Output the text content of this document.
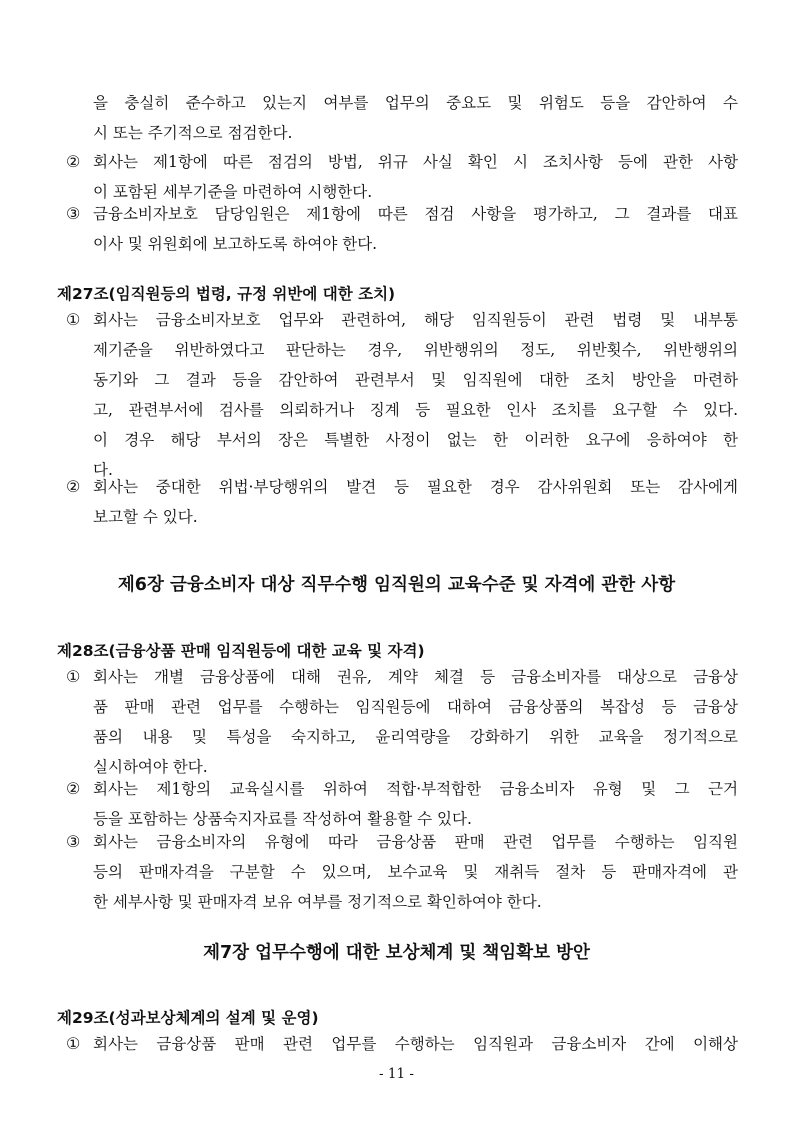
을 충실히 준수하고 있는지 여부를 업무의 중요도 및 위험도 등을 감안하여 수
시 또는 주기적으로 점검한다.
② 회사는 제1항에 따른 점검의 방법, 위규 사실 확인 시 조치사항 등에 관한 사항
이 포함된 세부기준을 마련하여 시행한다.
③ 금융소비자보호 담당임원은 제1항에 따른 점검 사항을 평가하고, 그 결과를 대표
이사 및 위원회에 보고하도록 하여야 한다.
제27조(임직원등의 법령, 규정 위반에 대한 조치)
① 회사는 금융소비자보호 업무와 관련하여, 해당 임직원등이 관련 법령 및 내부통
제기준을 위반하였다고 판단하는 경우, 위반행위의 정도, 위반횟수, 위반행위의
동기와 그 결과 등을 감안하여 관련부서 및 임직원에 대한 조치 방안을 마련하
고, 관련부서에 검사를 의뢰하거나 징계 등 필요한 인사 조치를 요구할 수 있다.
이 경우 해당 부서의 장은 특별한 사정이 없는 한 이러한 요구에 응하여야 한
다.
② 회사는 중대한 위법·부당행위의 발견 등 필요한 경우 감사위원회 또는 감사에게
보고할 수 있다.
제6장 금융소비자 대상 직무수행 임직원의 교육수준 및 자격에 관한 사항
제28조(금융상품 판매 임직원등에 대한 교육 및 자격)
① 회사는 개별 금융상품에 대해 권유, 계약 체결 등 금융소비자를 대상으로 금융상
품 판매 관련 업무를 수행하는 임직원등에 대하여 금융상품의 복잡성 등 금융상
품의 내용 및 특성을 숙지하고, 윤리역량을 강화하기 위한 교육을 정기적으로
실시하여야 한다.
② 회사는 제1항의 교육실시를 위하여 적합·부적합한 금융소비자 유형 및 그 근거
등을 포함하는 상품숙지자료를 작성하여 활용할 수 있다.
③ 회사는 금융소비자의 유형에 따라 금융상품 판매 관련 업무를 수행하는 임직원
등의 판매자격을 구분할 수 있으며, 보수교육 및 재취득 절차 등 판매자격에 관
한 세부사항 및 판매자격 보유 여부를 정기적으로 확인하여야 한다.
제7장 업무수행에 대한 보상체계 및 책임확보 방안
제29조(성과보상체계의 설계 및 운영)
① 회사는 금융상품 판매 관련 업무를 수행하는 임직원과 금융소비자 간에 이해상
- 11 -
